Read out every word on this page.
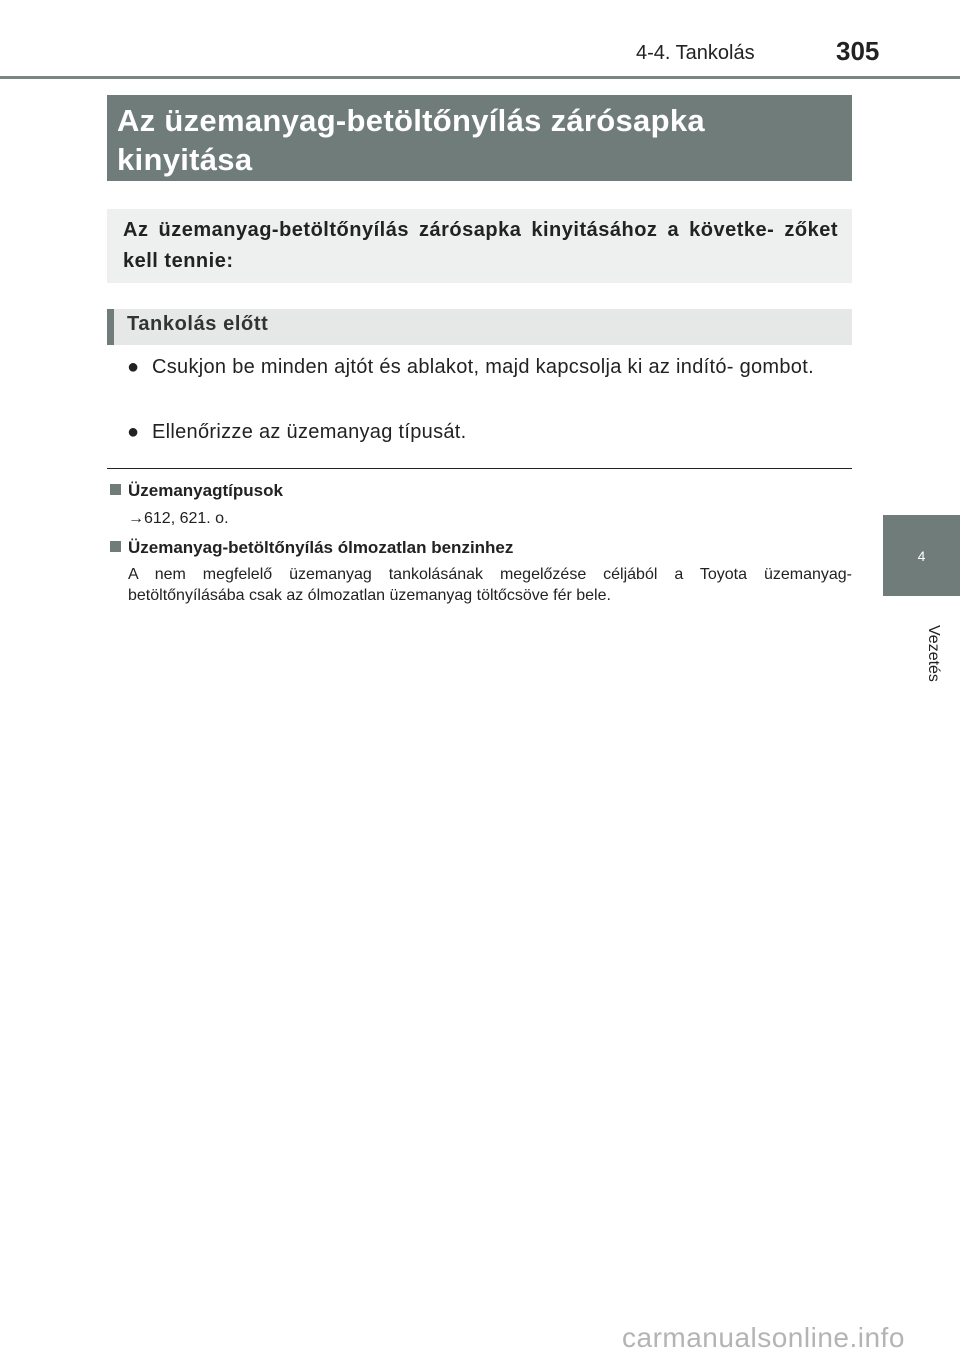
4-4. Tankolás	305
Az üzemanyag-betöltőnyílás zárósapka
kinyitása
Az üzemanyag-betöltőnyílás zárósapka kinyitásához a követke- zőket kell tennie:
Tankolás előtt
● Csukjon be minden ajtót és ablakot, majd kapcsolja ki az indító- gombot.
● Ellenőrizze az üzemanyag típusát.
Üzemanyagtípusok
→612, 621. o.
Üzemanyag-betöltőnyílás ólmozatlan benzinhez
A nem megfelelő üzemanyag tankolásának megelőzése céljából a Toyota üzemanyag-betöltőnyílásába csak az ólmozatlan üzemanyag töltőcsöve fér bele.
4
Vezetés
carmanualsonline.info
